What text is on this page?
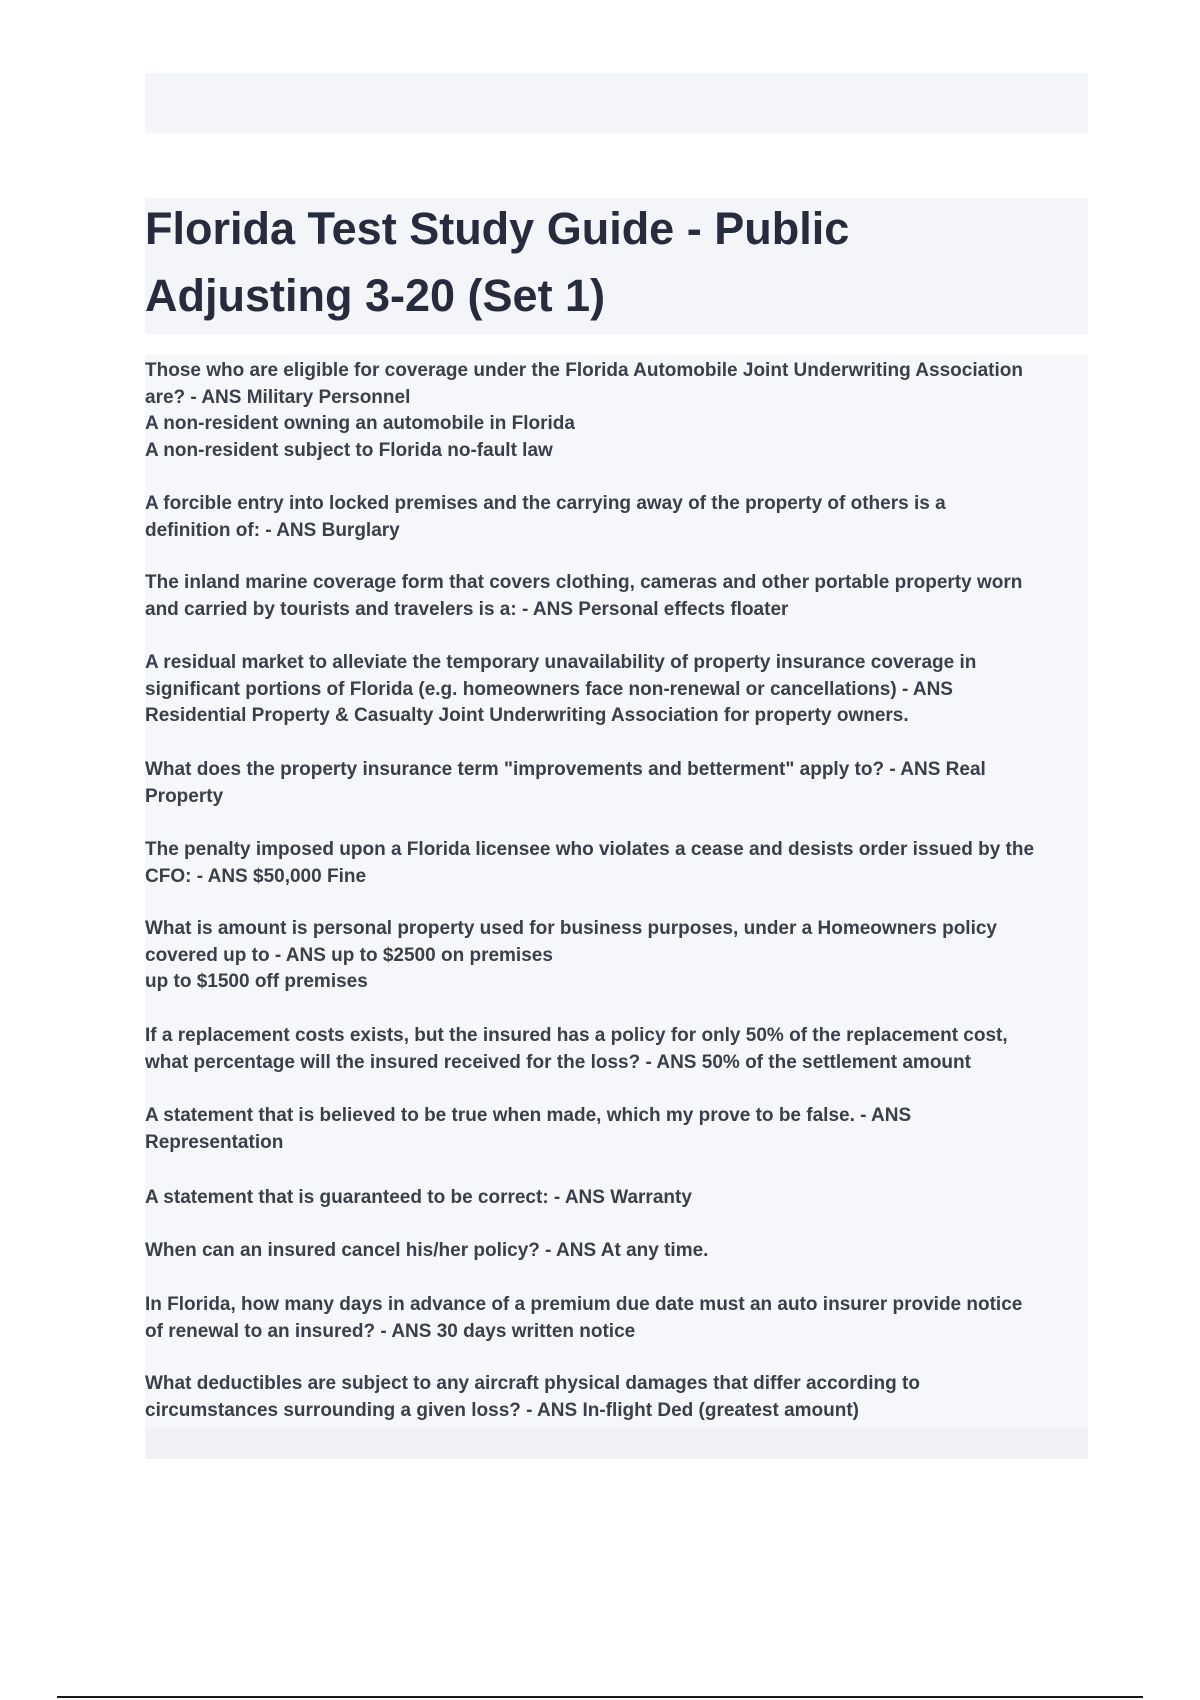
Florida Test Study Guide - Public
Adjusting 3-20 (Set 1)
Those who are eligible for coverage under the Florida Automobile Joint Underwriting Association
are? - ANS Military Personnel
A non-resident owning an automobile in Florida
A non-resident subject to Florida no-fault law
A forcible entry into locked premises and the carrying away of the property of others is a
definition of: - ANS Burglary
The inland marine coverage form that covers clothing, cameras and other portable property worn
and carried by tourists and travelers is a: - ANS Personal effects floater
A residual market to alleviate the temporary unavailability of property insurance coverage in
significant portions of Florida (e.g. homeowners face non-renewal or cancellations) - ANS
Residential Property & Casualty Joint Underwriting Association for property owners.
What does the property insurance term "improvements and betterment" apply to? - ANS Real
Property
The penalty imposed upon a Florida licensee who violates a cease and desists order issued by the
CFO: - ANS $50,000 Fine
What is amount is personal property used for business purposes, under a Homeowners policy
covered up to - ANS up to $2500 on premises
up to $1500 off premises
If a replacement costs exists, but the insured has a policy for only 50% of the replacement cost,
what percentage will the insured received for the loss? - ANS 50% of the settlement amount
A statement that is believed to be true when made, which my prove to be false. - ANS
Representation
A statement that is guaranteed to be correct: - ANS Warranty
When can an insured cancel his/her policy? - ANS At any time.
In Florida, how many days in advance of a premium due date must an auto insurer provide notice
of renewal to an insured? - ANS 30 days written notice
What deductibles are subject to any aircraft physical damages that differ according to
circumstances surrounding a given loss? - ANS In-flight Ded (greatest amount)
